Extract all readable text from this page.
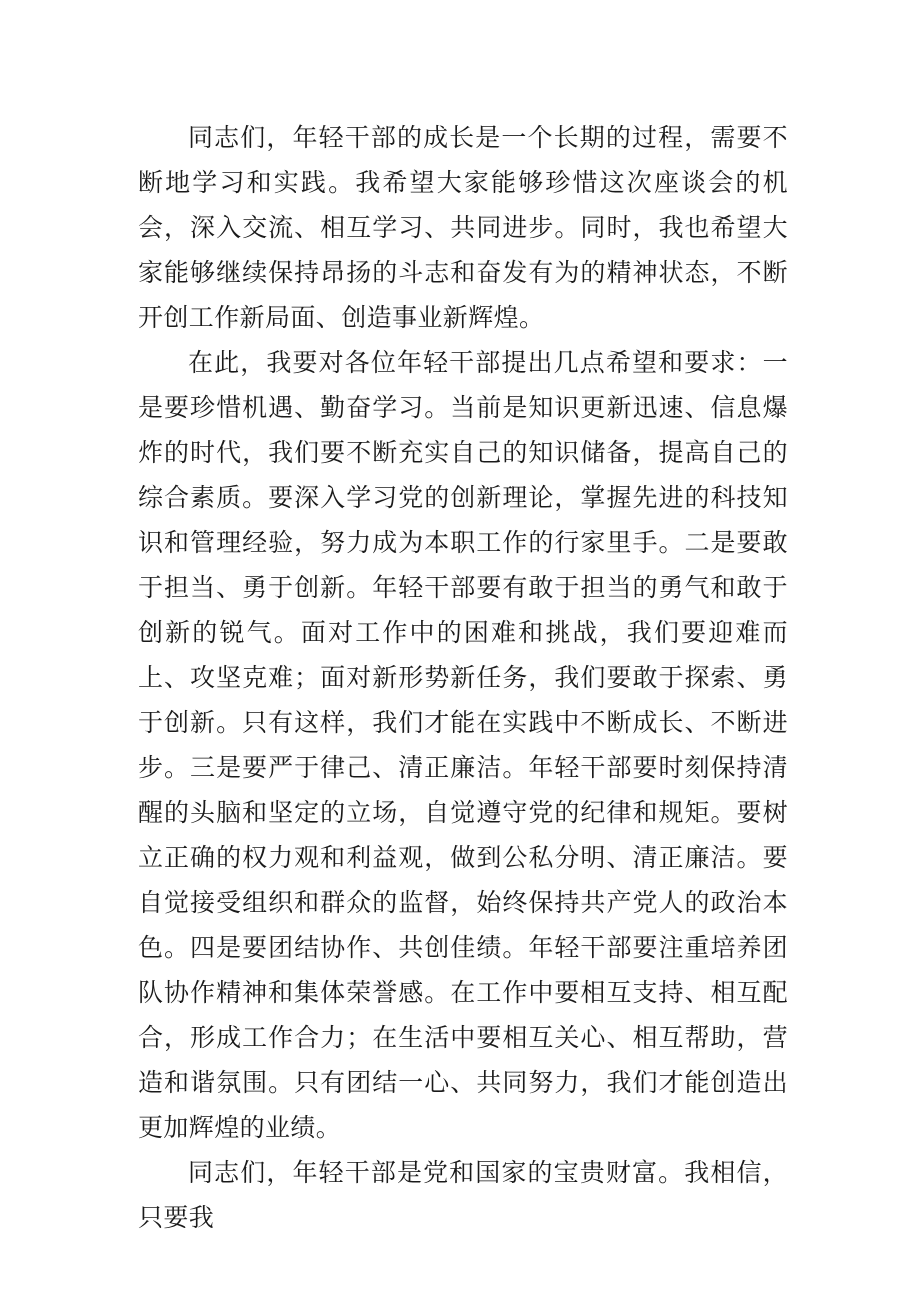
同志们，年轻干部的成长是一个长期的过程，需要不断地学习和实践。我希望大家能够珍惜这次座谈会的机会，深入交流、相互学习、共同进步。同时，我也希望大家能够继续保持昂扬的斗志和奋发有为的精神状态，不断开创工作新局面、创造事业新辉煌。

在此，我要对各位年轻干部提出几点希望和要求：一是要珍惜机遇、勤奋学习。当前是知识更新迅速、信息爆炸的时代，我们要不断充实自己的知识储备，提高自己的综合素质。要深入学习党的创新理论，掌握先进的科技知识和管理经验，努力成为本职工作的行家里手。二是要敢于担当、勇于创新。年轻干部要有敢于担当的勇气和敢于创新的锐气。面对工作中的困难和挑战，我们要迎难而上、攻坚克难；面对新形势新任务，我们要敢于探索、勇于创新。只有这样，我们才能在实践中不断成长、不断进步。三是要严于律己、清正廉洁。年轻干部要时刻保持清醒的头脑和坚定的立场，自觉遵守党的纪律和规矩。要树立正确的权力观和利益观，做到公私分明、清正廉洁。要自觉接受组织和群众的监督，始终保持共产党人的政治本色。四是要团结协作、共创佳绩。年轻干部要注重培养团队协作精神和集体荣誉感。在工作中要相互支持、相互配合，形成工作合力；在生活中要相互关心、相互帮助，营造和谐氛围。只有团结一心、共同努力，我们才能创造出更加辉煌的业绩。

同志们，年轻干部是党和国家的宝贵财富。我相信，只要我
